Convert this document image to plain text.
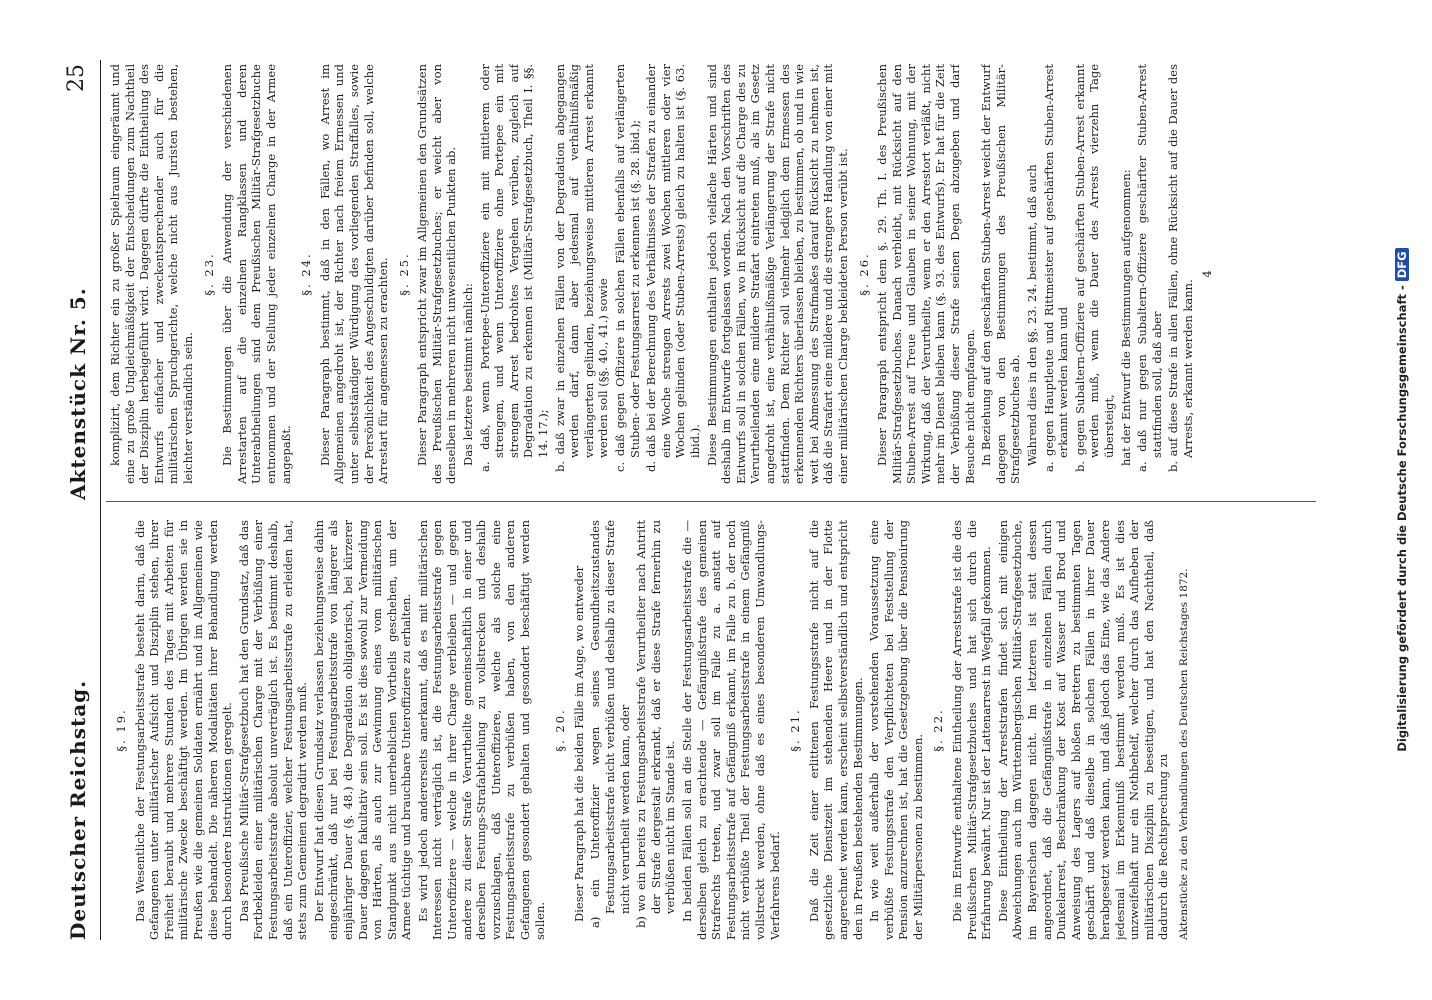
Deutscher Reichstag.
Aktenstück Nr. 5.
25
§. 19. Das Wesentliche der Festungsarbeitsstrafe besteht darin, daß die Gefangenen unter militärischer Aufsicht und Disziplin stehen, ihrer Freiheit beraubt und mehrere Stunden des Tages mit Arbeiten für militärische Zwecke beschäftigt werden. Im Übrigen werden sie in Preußen wie die gemeinen Soldaten ernährt und im Allgemeinen wie diese behandelt. Die näheren Modalitäten ihrer Behandlung werden durch besondere Instruktionen geregelt. Das Preußische Militär-Strafgesetzbuch hat den Grundsatz, daß das Fortbekleiden einer militärischen Charge mit der Verbüßung einer Festungsarbeitsstrafe absolut unverträglich ist. Es bestimmt deshalb, daß ein Unteroffizier, welcher Festungsarbeitsstrafe zu erleiden hat, stets zum Gemeinen degradirt werden muß. Der Entwurf hat diesen Grundsatz verlassen beziehungsweise dahin eingeschränkt, daß nur bei Festungsarbeitsstrafe von längerer als einjähriger Dauer (§. 48.) die Degradation obligatorisch, bei kürzerer Dauer dagegen fakultativ sein soll. Es ist dies sowohl zur Vermeidung von Härten, als auch zur Gewinnung eines vom militärischen Standpunkt aus nicht unerheblichen Vortheils geschehen, um der Armee tüchtige und brauchbare Unteroffiziere zu erhalten. Es wird jedoch andererseits anerkannt, daß es mit militärischen Interessen nicht verträglich ist, die Festungsarbeitsstrafe gegen Unteroffiziere — welche in ihrer Charge verbleiben — und gegen andere zu dieser Strafe Verurtheilte gemeinschaftlich in einer und derselben Festungs-Strafabtheilung zu vollstrecken und deshalb vorzuschlagen, daß Unteroffiziere, welche als solche eine Festungsarbeitsstrafe zu verbüßen haben, von den anderen Gefangenen gesondert gehalten und gesondert beschäftigt werden sollen.
§. 20. Dieser Paragraph hat die beiden Fälle im Auge, wo entweder a) ein Unteroffizier wegen seines Gesundheitszustandes Festungsarbeitsstrafe nicht verbüßen und deshalb zu dieser Strafe nicht verurtheilt werden kann, oder b) wo ein bereits zu Festungsarbeitsstrafe Verurtheilter nach Antritt der Strafe dergestalt erkrankt, daß er diese Strafe fernerhin zu verbüßen nicht im Stande ist. In beiden Fällen soll an die Stelle der Festungsarbeitsstrafe die — derselben gleich zu erachtende — Gefängnißstrafe des gemeinen Strafrechts treten, und zwar soll im Falle zu a. anstatt auf Festungsarbeitsstrafe auf Gefängniß erkannt, im Falle zu b. der noch nicht verbüßte Theil der Festungsarbeitsstrafe in einem Gefängniß vollstreckt werden, ohne daß es eines besonderen Umwandlungs-Verfahrens bedarf.
§. 21. Daß die Zeit einer erlittenen Festungsstrafe nicht auf die gesetzliche Dienstzeit im stehenden Heere und in der Flotte angerechnet werden kann, erscheint selbstverständlich und entspricht den in Preußen bestehenden Bestimmungen. In wie weit außerhalb der vorstehenden Voraussetzung eine verbüßte Festungsstrafe den Verpflichteten bei Feststellung der Pension anzurechnen ist, hat die Gesetzgebung über die Pensionirung der Militärpersonen zu bestimmen.
§. 22. Die im Entwurfe enthaltene Eintheilung der Arreststrafe ist die des Preußischen Militär-Strafgesetzbuches und hat sich durch die Erfahrung bewährt. Nur ist der Lattenarrest in Wegfall gekommen. Diese Eintheilung der Arreststrafen findet sich mit einigen Abweichungen auch im Württembergischen Militär-Strafgesetzbuche, im Bayerischen dagegen nicht. Im letzteren ist statt dessen angeordnet, daß die Gefängnißstrafe in einzelnen Fällen durch Dunkelarrest, Beschränkung der Kost auf Wasser und Brod und Anweisung des Lagers auf bloßen Brettern zu bestimmten Tagen geschärft und daß dieselbe in solchen Fällen in ihrer Dauer herabgesetzt werden kann, und daß jedoch das Eine, wie das Andere jedesmal im Erkenntniß bestimmt werden muß. Es ist dies unzweifelhaft nur ein Nothbehelf, welcher durch das Aufheben der militärischen Disziplin zu beseitigen, und hat den Nachtheil, daß dadurch die Rechtsprechung zu Aktenstücke zu den Verhandlungen des Deutschen Reichstages 1872.
komplizirt, dem Richter ein zu großer Spielraum eingeräumt und eine zu große Ungleichmäßigkeit der Entscheidungen zum Nachtheil der Disziplin herbeigeführt wird. Dagegen dürfte die Eintheilung des Entwurfs einfacher und zweckentsprechender auch für die militärischen Spruchgerichte, welche nicht aus Juristen bestehen, leichter verständlich sein.
§. 23. Die Bestimmungen über die Anwendung der verschiedenen Arrestarten auf die einzelnen Rangklassen und deren Unterabtheilungen sind dem Preußischen Militär-Strafgesetzbuche entnommen und der Stellung jeder einzelnen Charge in der Armee angepaßt.
§. 24. Dieser Paragraph bestimmt, daß in den Fällen, wo Arrest im Allgemeinen angedroht ist, der Richter nach freiem Ermessen und unter selbstständiger Würdigung des vorliegenden Straffalles, sowie der Persönlichkeit des Angeschuldigten darüber befinden soll, welche Arrestart für angemessen zu erachten. §. 25. Dieser Paragraph entspricht zwar im Allgemeinen den Grundsätzen des Preußischen Militär-Strafgesetzbuches; er weicht aber von denselben in mehreren nicht unwesentlichen Punkten ab. Das letztere bestimmt nämlich: a. daß, wenn Portepee-Unteroffiziere ein mit mittlerem oder strengem, und wenn Unteroffiziere ohne Portepee ein mit strengem Arrest bedrohtes Vergehen verüben, zugleich auf Degradation zu erkennen ist (Militär-Strafgesetzbuch, Theil I. §§. 14. 17.); b. daß zwar in einzelnen Fällen von der Degradation abgegangen werden darf, dann aber jedesmal auf verhältnißmäßig verlängerten gelinden, beziehungsweise mittleren Arrest erkannt werden soll (§§. 40., 41.) sowie c. daß gegen Offiziere in solchen Fällen ebenfalls auf verlängerten Stuben- oder Festungsarrest zu erkennen ist (§. 28. ibid.); d. daß bei der Berechnung des Verhältnisses der Strafen zu einander eine Woche strengen Arrests zwei Wochen mittleren oder vier Wochen gelinden (oder Stuben-Arrests) gleich zu halten ist (§. 63. ibid.). Diese Bestimmungen enthalten jedoch vielfache Härten und sind deshalb im Entwurfe fortgelassen worden. Nach den Vorschriften des Entwurfs soll in solchen Fällen, wo in Rücksicht auf die Charge des zu Verurtheilenden eine mildere Strafart eintreten muß, als im Gesetz angedroht ist, eine verhältnißmäßige Verlängerung der Strafe nicht stattfinden. Dem Richter soll vielmehr lediglich dem Ermessen des erkennenden Richters überlassen bleiben, zu bestimmen, ob und in wie weit bei Abmessung des Strafmaßes darauf Rücksicht zu nehmen ist, daß die Strafart eine mildere und die strengere Handlung von einer mit einer militärischen Charge bekleideten Person verübt ist. §. 26. Dieser Paragraph entspricht dem §. 29. Th. I. des Preußischen Militär-Strafgesetzbuches. Danach verbleibt, mit Rücksicht auf den Stuben-Arrest auf Treue und Glauben in seiner Wohnung, mit der Wirkung, daß der Verurtheilte, wenn er den Arrestort verläßt, nicht mehr im Dienst bleiben kann (§. 93. des Entwurfs). Er hat für die Zeit der Verbüßung dieser Strafe seinen Degen abzugeben und darf Besuche nicht empfangen. In Beziehung auf den geschärften Stuben-Arrest weicht der Entwurf dagegen von den Bestimmungen des Preußischen Militär-Strafgesetzbuches ab. Während dies in den §§. 23. 24. bestimmt, daß auch a. gegen Hauptleute und Rittmeister auf geschärften Stuben-Arrest erkannt werden kann und b. gegen Subaltern-Offiziere auf geschärften Stuben-Arrest erkannt werden muß, wenn die Dauer des Arrests vierzehn Tage übersteigt, hat der Entwurf die Bestimmungen aufgenommen: a. daß nur gegen Subaltern-Offiziere geschärfter Stuben-Arrest stattfinden soll, daß aber b. auf diese Strafe in allen Fällen, ohne Rücksicht auf die Dauer des Arrests, erkannt werden kann.
4
Digitalisierung gefördert durch die Deutsche Forschungsgemeinschaft - DFG
